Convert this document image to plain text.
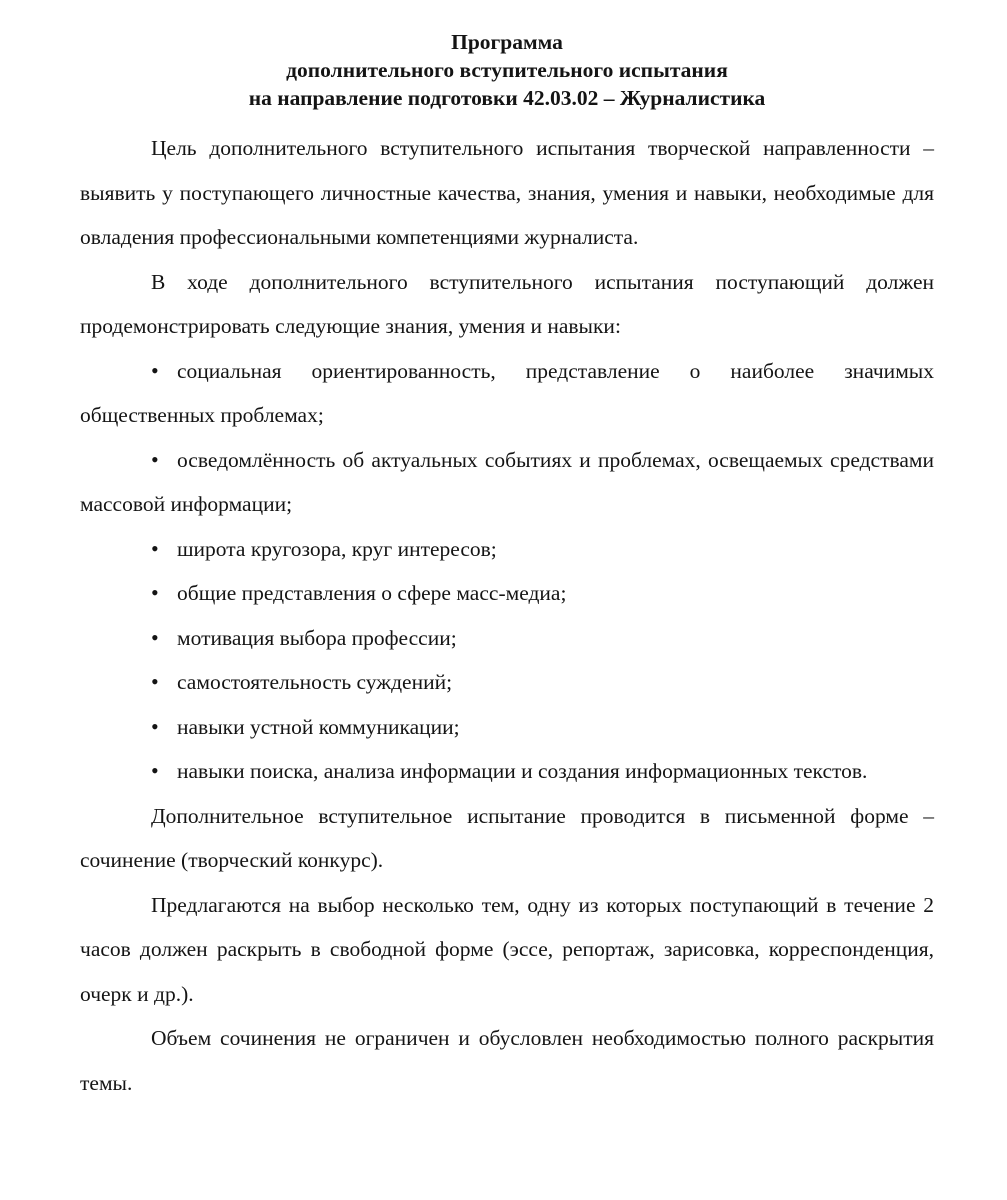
Программа
дополнительного вступительного испытания
на направление подготовки 42.03.02 – Журналистика

Цель дополнительного вступительного испытания творческой направленности – выявить у поступающего личностные качества, знания, умения и навыки, необходимые для овладения профессиональными компетенциями журналиста.

В ходе дополнительного вступительного испытания поступающий должен продемонстрировать следующие знания, умения и навыки:

• социальная ориентированность, представление о наиболее значимых общественных проблемах;

• осведомлённость об актуальных событиях и проблемах, освещаемых средствами массовой информации;

• широта кругозора, круг интересов;

• общие представления о сфере масс-медиа;

• мотивация выбора профессии;

• самостоятельность суждений;

• навыки устной коммуникации;

• навыки поиска, анализа информации и создания информационных текстов.

Дополнительное вступительное испытание проводится в письменной форме – сочинение (творческий конкурс).

Предлагаются на выбор несколько тем, одну из которых поступающий в течение 2 часов должен раскрыть в свободной форме (эссе, репортаж, зарисовка, корреспонденция, очерк и др.).

Объем сочинения не ограничен и обусловлен необходимостью полного раскрытия темы.
